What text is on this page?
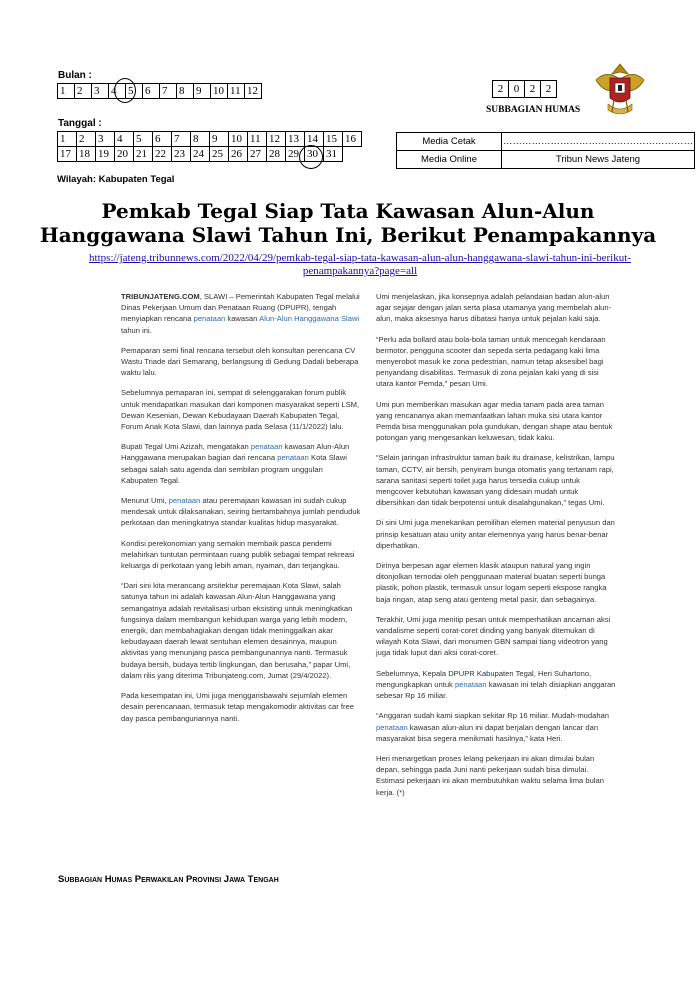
Bulan :
1	2	3	4	5	6	7	8	9	10	11	12
Tanggal :
1	2	3	4	5	6	7	8	9	10	11	12	13	14	15	16
17	18	19	20	21	22	23	24	25	26	27	28	29	30	31	
2	0	2	2
SUBBAGIAN HUMAS
Media Cetak	……………………………………………………
Media Online	Tribun News Jateng
Wilayah: Kabupaten Tegal
Pemkab Tegal Siap Tata Kawasan Alun-Alun
Hanggawana Slawi Tahun Ini, Berikut Penampakannya
https://jateng.tribunnews.com/2022/04/29/pemkab-tegal-siap-tata-kawasan-alun-alun-hanggawana-slawi-tahun-ini-berikut-
penampakannya?page=all

TRIBUNJATENG.COM, SLAWI – Pemerintah Kabupaten Tegal melalui Dinas Pekerjaan Umum dan Penataan Ruang (DPUPR), tengah menyiapkan rencana penataan kawasan Alun-Alun Hanggawana Slawi tahun ini.

Pemaparan semi final rencana tersebut oleh konsultan perencana CV Wastu Triade dari Semarang, berlangsung di Gedung Dadali beberapa waktu lalu.

Sebelumnya pemaparan ini, sempat di selenggarakan forum publik untuk mendapatkan masukan dari komponen masyarakat seperti LSM, Dewan Kesenian, Dewan Kebudayaan Daerah Kabupaten Tegal, Forum Anak Kota Slawi, dan lainnya pada Selasa (11/1/2022) lalu.

Bupati Tegal Umi Azizah, mengatakan penataan kawasan Alun-Alun Hanggawana merupakan bagian dari rencana penataan Kota Slawi sebagai salah satu agenda dari sembilan program unggulan Kabupaten Tegal.

Menurut Umi, penataan atau peremajaan kawasan ini sudah cukup mendesak untuk dilaksanakan, seiring bertambahnya jumlah penduduk perkotaan dan meningkatnya standar kualitas hidup masyarakat.

Kondisi perekonomian yang semakin membaik pasca pendemi melahirkan tuntutan permintaan ruang publik sebagai tempat rekreasi keluarga di perkotaan yang lebih aman, nyaman, dan terjangkau.

“Dari sini kita merancang arsitektur peremajaan Kota Slawi, salah satunya tahun ini adalah kawasan Alun-Alun Hanggawana yang semangatnya adalah revitalisasi urban eksisting untuk meningkatkan fungsinya dalam membangun kehidupan warga yang lebih modern, energik, dan membahagiakan dengan tidak meninggalkan akar kebudayaan daerah lewat sentuhan elemen desainnya, maupun aktivitas yang menunjang pasca pembangunannya nanti. Termasuk budaya bersih, budaya tertib lingkungan, dan berusaha,” papar Umi, dalam rilis yang diterima Tribunjateng.com, Jumat (29/4/2022).

Pada kesempatan ini, Umi juga menggarisbawahi sejumlah elemen desain perencanaan, termasuk tetap mengakomodir aktivitas car free day pasca pembangunannya nanti.

Umi menjelaskan, jika konsepnya adalah pelandaian badan alun-alun agar sejajar dengan jalan serta plasa utamanya yang membelah alun-alun, maka aksesnya harus dibatasi hanya untuk pejalan kaki saja.

“Perlu ada bollard atau bola-bola taman untuk mencegah kendaraan bermotor, pengguna scooter dan sepeda serta pedagang kaki lima menyerobot masuk ke zona pedestrian, namun tetap aksesibel bagi penyandang disabilitas. Termasuk di zona pejalan kaki yang di sisi utara kantor Pemda,” pesan Umi.

Umi pun memberikan masukan agar media tanam pada area taman yang rencananya akan memanfaatkan lahan muka sisi utara kantor Pemda bisa menggunakan pola gundukan, dengan shape atau bentuk potongan yang mengesankan keluwesan, tidak kaku.

“Selain jaringan infrastruktur taman baik itu drainase, kelistrikan, lampu taman, CCTV, air bersih, penyiram bunga otomatis yang tertanam rapi, sarana sanitasi seperti toilet juga harus tersedia cukup untuk mengcover kebutuhan kawasan yang didesain mudah untuk dibersihkan dan tidak berpotensi untuk disalahgunakan,” tegas Umi.

Di sini Umi juga menekankan pemilihan elemen material penyusun dan prinsip kesatuan atau unity antar elemennya yang harus benar-benar diperhatikan.

Dirinya berpesan agar elemen klasik ataupun natural yang ingin ditonjolkan ternodai oleh penggunaan material buatan seperti bunga plastik, pohon plastik, termasuk unsur logam seperti ekspose rangka baja ringan, atap seng atau genteng metal pasir, dan sebagainya.

Terakhir, Umi juga menitip pesan untuk memperhatikan ancaman aksi vandalisme seperti corat-coret dinding yang banyak ditemukan di wilayah Kota Slawi, dari monumen GBN sampai tiang videotron yang juga tidak luput dari aksi corat-coret.

Sebelumnya, Kepala DPUPR Kabupaten Tegal, Heri Suhartono, mengungkapkan untuk penataan kawasan ini telah disiapkan anggaran sebesar Rp 16 miliar.

“Anggaran sudah kami siapkan sekitar Rp 16 miliar. Mudah-mudahan penataan kawasan alun-alun ini dapat berjalan dengan lancar dan masyarakat bisa segera menikmati hasilnya,” kata Heri.

Heri menargetkan proses lelang pekerjaan ini akan dimulai bulan depan, sehingga pada Juni nanti pekerjaan sudah bisa dimulai. Estimasi pekerjaan ini akan membutuhkan waktu selama lima bulan kerja. (*)

Subbagian Humas Perwakilan Provinsi Jawa Tengah
